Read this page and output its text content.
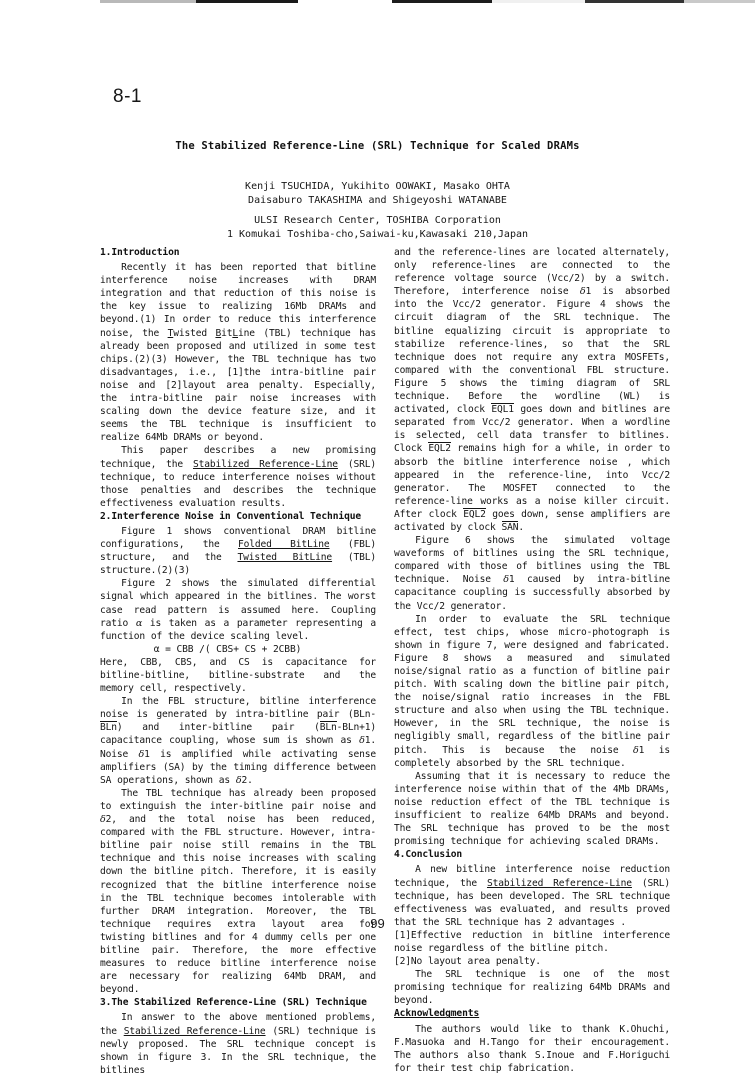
8-1
The Stabilized Reference-Line (SRL) Technique for Scaled DRAMs
Kenji TSUCHIDA, Yukihito OOWAKI, Masako OHTA
Daisaburo TAKASHIMA and Shigeyoshi WATANABE
ULSI Research Center, TOSHIBA Corporation
1 Komukai Toshiba-cho,Saiwai-ku,Kawasaki 210,Japan
1.Introduction

Recently it has been reported that bitline interference noise increases with DRAM integration and that reduction of this noise is the key issue to realizing 16Mb DRAMs and beyond.(1) In order to reduce this interference noise, the Twisted BitLine (TBL) technique has already been proposed and utilized in some test chips.(2)(3) However, the TBL technique has two disadvantages, i.e., [1]the intra-bitline pair noise and [2]layout area penalty. Especially, the intra-bitline pair noise increases with scaling down the device feature size, and it seems the TBL technique is insufficient to realize 64Mb DRAMs or beyond.

This paper describes a new promising technique, the Stabilized Reference-Line (SRL) technique, to reduce interference noises without those penalties and describes the technique effectiveness evaluation results.

2.Interference Noise in Conventional Technique

Figure 1 shows conventional DRAM bitline configurations, the Folded BitLine (FBL) structure, and the Twisted BitLine (TBL) structure.(2)(3)

Figure 2 shows the simulated differential signal which appeared in the bitlines. The worst case read pattern is assumed here. Coupling ratio α is taken as a parameter representing a function of the device scaling level.

α = CBB /( CBS+ CS + 2CBB)

Here, CBB, CBS, and CS is capacitance for bitline-bitline, bitline-substrate and the memory cell, respectively.

In the FBL structure, bitline interference noise is generated by intra-bitline pair (BLn-BLn) and inter-bitline pair (BLn-BLn+1) capacitance coupling, whose sum is shown as δ1. Noise δ1 is amplified while activating sense amplifiers (SA) by the timing difference between SA operations, shown as δ2.

The TBL technique has already been proposed to extinguish the inter-bitline pair noise and δ2, and the total noise has been reduced, compared with the FBL structure. However, intra-bitline pair noise still remains in the TBL technique and this noise increases with scaling down the bitline pitch. Therefore, it is easily recognized that the bitline interference noise in the TBL technique becomes intolerable with further DRAM integration. Moreover, the TBL technique requires extra layout area for twisting bitlines and for 4 dummy cells per one bitline pair. Therefore, the more effective measures to reduce bitline interference noise are necessary for realizing 64Mb DRAM, and beyond.

3.The Stabilized Reference-Line (SRL) Technique

In answer to the above mentioned problems, the Stabilized Reference-Line (SRL) technique is newly proposed. The SRL technique concept is shown in figure 3. In the SRL technique, the bitlines

and the reference-lines are located alternately, only reference-lines are connected to the reference voltage source (Vcc/2) by a switch. Therefore, interference noise δ1 is absorbed into the Vcc/2 generator. Figure 4 shows the circuit diagram of the SRL technique. The bitline equalizing circuit is appropriate to stabilize reference-lines, so that the SRL technique does not require any extra MOSFETs, compared with the conventional FBL structure. Figure 5 shows the timing diagram of SRL technique. Before the wordline (WL) is activated, clock EQL1 goes down and bitlines are separated from Vcc/2 generator. When a wordline is selected, cell data transfer to bitlines. Clock EQL2 remains high for a while, in order to absorb the bitline interference noise , which appeared in the reference-line, into Vcc/2 generator. The MOSFET connected to the reference-line works as a noise killer circuit. After clock EQL2 goes down, sense amplifiers are activated by clock SAN.

Figure 6 shows the simulated voltage waveforms of bitlines using the SRL technique, compared with those of bitlines using the TBL technique. Noise δ1 caused by intra-bitline capacitance coupling is successfully absorbed by the Vcc/2 generator.

In order to evaluate the SRL technique effect, test chips, whose micro-photograph is shown in figure 7, were designed and fabricated. Figure 8 shows a measured and simulated noise/signal ratio as a function of bitline pair pitch. With scaling down the bitline pair pitch, the noise/signal ratio increases in the FBL structure and also when using the TBL technique. However, in the SRL technique, the noise is negligibly small, regardless of the bitline pair pitch. This is because the noise δ1 is completely absorbed by the SRL technique.

Assuming that it is necessary to reduce the interference noise within that of the 4Mb DRAMs, noise reduction effect of the TBL technique is insufficient to realize 64Mb DRAMs and beyond. The SRL technique has proved to be the most promising technique for achieving scaled DRAMs.

4.Conclusion

A new bitline interference noise reduction technique, the Stabilized Reference-Line (SRL) technique, has been developed. The SRL technique effectiveness was evaluated, and results proved that the SRL technique has 2 advantages .

[1]Effective reduction in bitline interference noise regardless of the bitline pitch.

[2]No layout area penalty.

The SRL technique is one of the most promising technique for realizing 64Mb DRAMs and beyond.

Acknowledgments

The authors would like to thank K.Ohuchi, F.Masuoka and H.Tango for their encouragement. The authors also thank S.Inoue and F.Horiguchi for their test chip fabrication.

99
